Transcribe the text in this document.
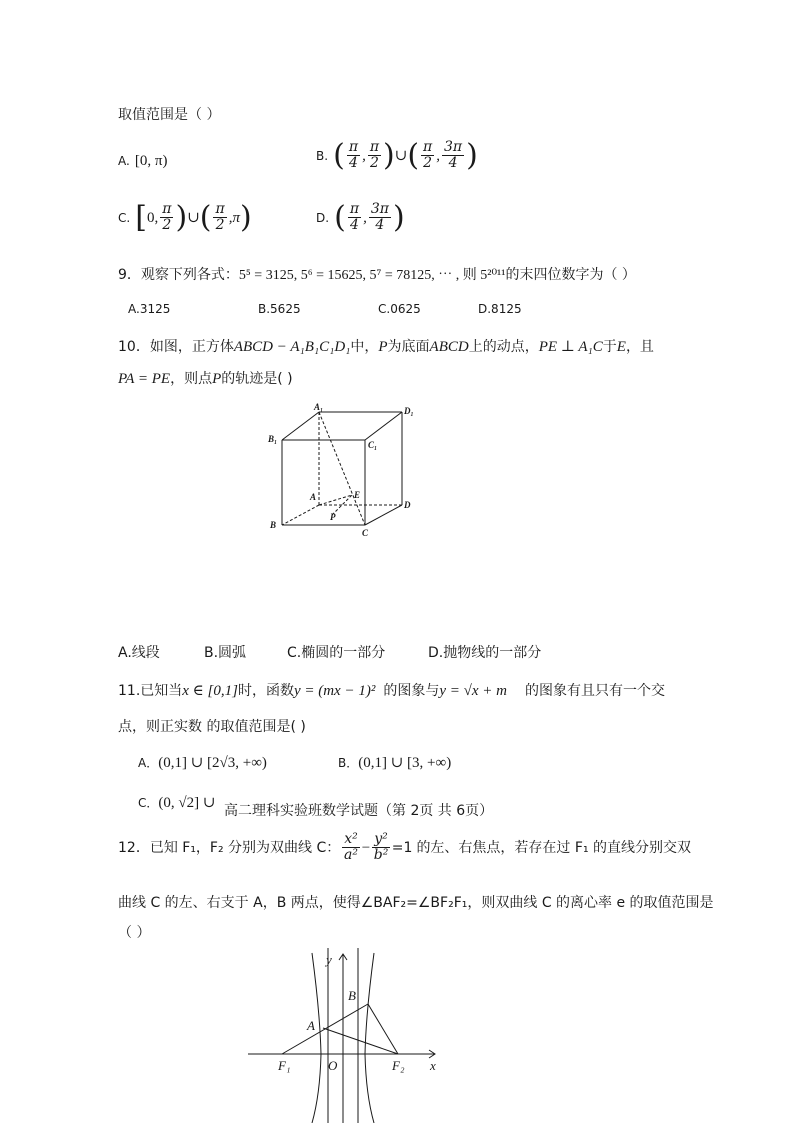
取值范围是（ ）
A. [0, π)	B. ( $\frac{\pi}{4}$ , $\frac{\pi}{2}$ )∪( $\frac{\pi}{2}$ , $\frac{3\pi}{4}$ )
C. [0, $\frac{\pi}{2}$ )∪( $\frac{\pi}{2} ,\pi$)	D. ( $\frac{\pi}{4}$ , $\frac{3\pi}{4}$ )
9．观察下列各式：5⁵ = 3125, 5⁶ = 15625, 5⁷ = 78125, ⋯ , 则 5²⁰¹¹的末四位数字为（ ）
A.3125	B.5625	C.0625	D.8125
10．如图，正方体ABCD − A₁B₁C₁D₁中，P为底面ABCD上的动点，PE ⊥ A₁C于E，且
PA = PE，则点P的轨迹是( )
A₁	D₁
B₁
C₁
A	E
D
P
B
C
A.线段	B.圆弧	C.椭圆的一部分	D.抛物线的一部分
11.已知当x ∈ [0,1]时，函数y = (mx − 1)² 的图象与y = √x + m 的图象有且只有一个交
点，则正实数 的取值范围是( )
A．(0,1] ∪ [2√3, +∞)	B．(0,1] ∪ [3, +∞)
C．(0, √2] ∪ 高二理科实验班数学试题（第 2页 共 6页）
12．已知 F₁，F₂ 分别为双曲线 C： $\frac{\text{x²}}{\text{a²}} - \frac{\text{y²}}{\text{b²}} =1$ 的左、右焦点，若存在过 F₁ 的直线分别交双
曲线 C 的左、右支于 A，B 两点，使得∠BAF₂=∠BF₂F₁，则双曲线 C 的离心率 e 的取值范围是
（ ）
y
B
A
F₁	O	F₂ x
